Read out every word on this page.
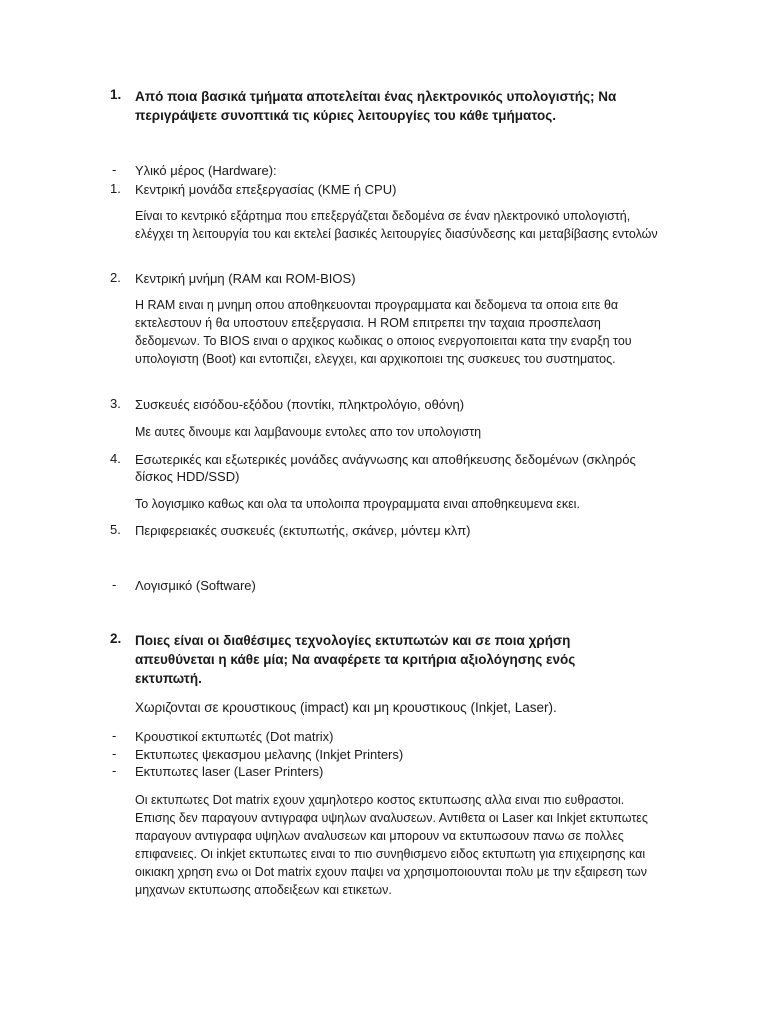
1. Από ποια βασικά τμήματα αποτελείται ένας ηλεκτρονικός υπολογιστής; Να περιγράψετε συνοπτικά τις κύριες λειτουργίες του κάθε τμήματος.
- Υλικό μέρος (Hardware):
1. Κεντρική μονάδα επεξεργασίας (ΚΜΕ ή CPU)
Είναι το κεντρικό εξάρτημα που επεξεργάζεται δεδομένα σε έναν ηλεκτρονικό υπολογιστή, ελέγχει τη λειτουργία του και εκτελεί βασικές λειτουργίες διασύνδεσης και μεταβίβασης εντολών
2. Κεντρική μνήμη (RAM και ROM-BIOS)
Η RAM ειναι η μνημη οπου αποθηκευονται προγραμματα και δεδομενα τα οποια ειτε θα εκτελεστουν ή θα υποστουν επεξεργασια. Η ROM επιτρεπει την ταχαια προσπελαση δεδομενων. Το BIOS ειναι ο αρχικος κωδικας ο οποιος ενεργοποιειται κατα την εναρξη του υπολογιστη (Boot) και εντοπιζει, ελεγχει, και αρχικοποιει της συσκευες του συστηματος.
3. Συσκευές εισόδου-εξόδου (ποντίκι, πληκτρολόγιο, οθόνη)
Με αυτες δινουμε και λαμβανουμε εντολες απο τον υπολογιστη
4. Εσωτερικές και εξωτερικές μονάδες ανάγνωσης και αποθήκευσης δεδομένων (σκληρός δίσκος HDD/SSD)
Το λογισμικο καθως και ολα τα υπολοιπα προγραμματα ειναι αποθηκευμενα εκει.
5. Περιφερειακές συσκευές (εκτυπωτής, σκάνερ, μόντεμ κλπ)
- Λογισμικό (Software)
2. Ποιες είναι οι διαθέσιμες τεχνολογίες εκτυπωτών και σε ποια χρήση απευθύνεται η κάθε μία; Να αναφέρετε τα κριτήρια αξιολόγησης ενός εκτυπωτή.
Χωριζονται σε κρουστικους (impact) και μη κρουστικους (Inkjet, Laser).
- Κρουστικοί εκτυπωτές (Dot matrix)
- Εκτυπωτες ψεκασμου μελανης (Inkjet Printers)
- Εκτυπωτες laser (Laser Printers)
Οι εκτυπωτες Dot matrix εχουν χαμηλοτερο κοστος εκτυπωσης αλλα ειναι πιο ευθραστοι. Επισης δεν παραγουν αντιγραφα υψηλων αναλυσεων. Αντιθετα οι Laser και Inkjet εκτυπωτες παραγουν αντιγραφα υψηλων αναλυσεων και μπορουν να εκτυπωσουν πανω σε πολλες επιφανειες. Οι inkjet εκτυπωτες ειναι το πιο συνηθισμενο ειδος εκτυπωτη για επιχειρησης και οικιακη χρηση ενω οι Dot matrix εχουν παψει να χρησιμοποιουνται πολυ με την εξαιρεση των μηχανων εκτυπωσης αποδειξεων και ετικετων.
